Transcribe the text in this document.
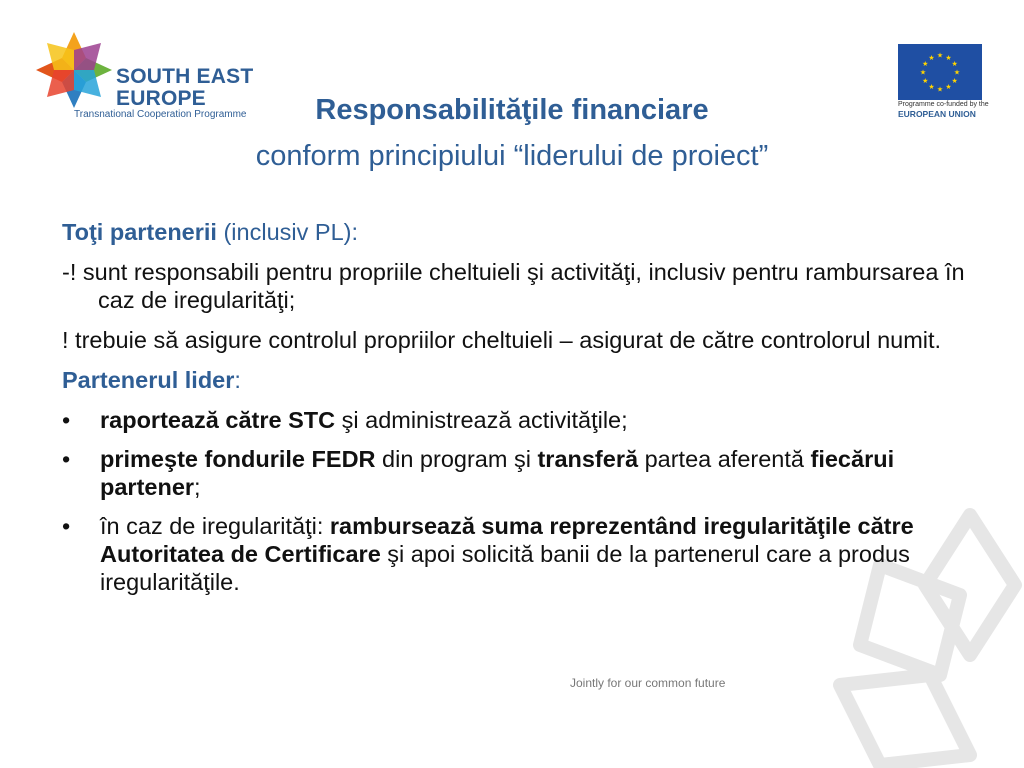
SOUTH EAST
EUROPE
Transnational Cooperation Programme
★ ★
★
★
★
★
★
★
★
★
★
★
Programme co-funded by the
EUROPEAN UNION
Responsabilităţile financiare
conform principiului “liderului de proiect”
Toţi partenerii (inclusiv PL):
-! sunt responsabili pentru propriile cheltuieli şi activităţi, inclusiv pentru rambursarea în caz de iregularităţi;
! trebuie să asigure controlul propriilor cheltuieli – asigurat de către controlorul numit.
Partenerul lider:
• raportează către STC şi administrează activităţile;
• primeşte fondurile FEDR din program şi transferă partea aferentă fiecărui partener;
• în caz de iregularităţi: rambursează suma reprezentând iregularităţile către Autoritatea de Certificare şi apoi solicită banii de la partenerul care a produs iregularităţile.
Jointly for our common future
